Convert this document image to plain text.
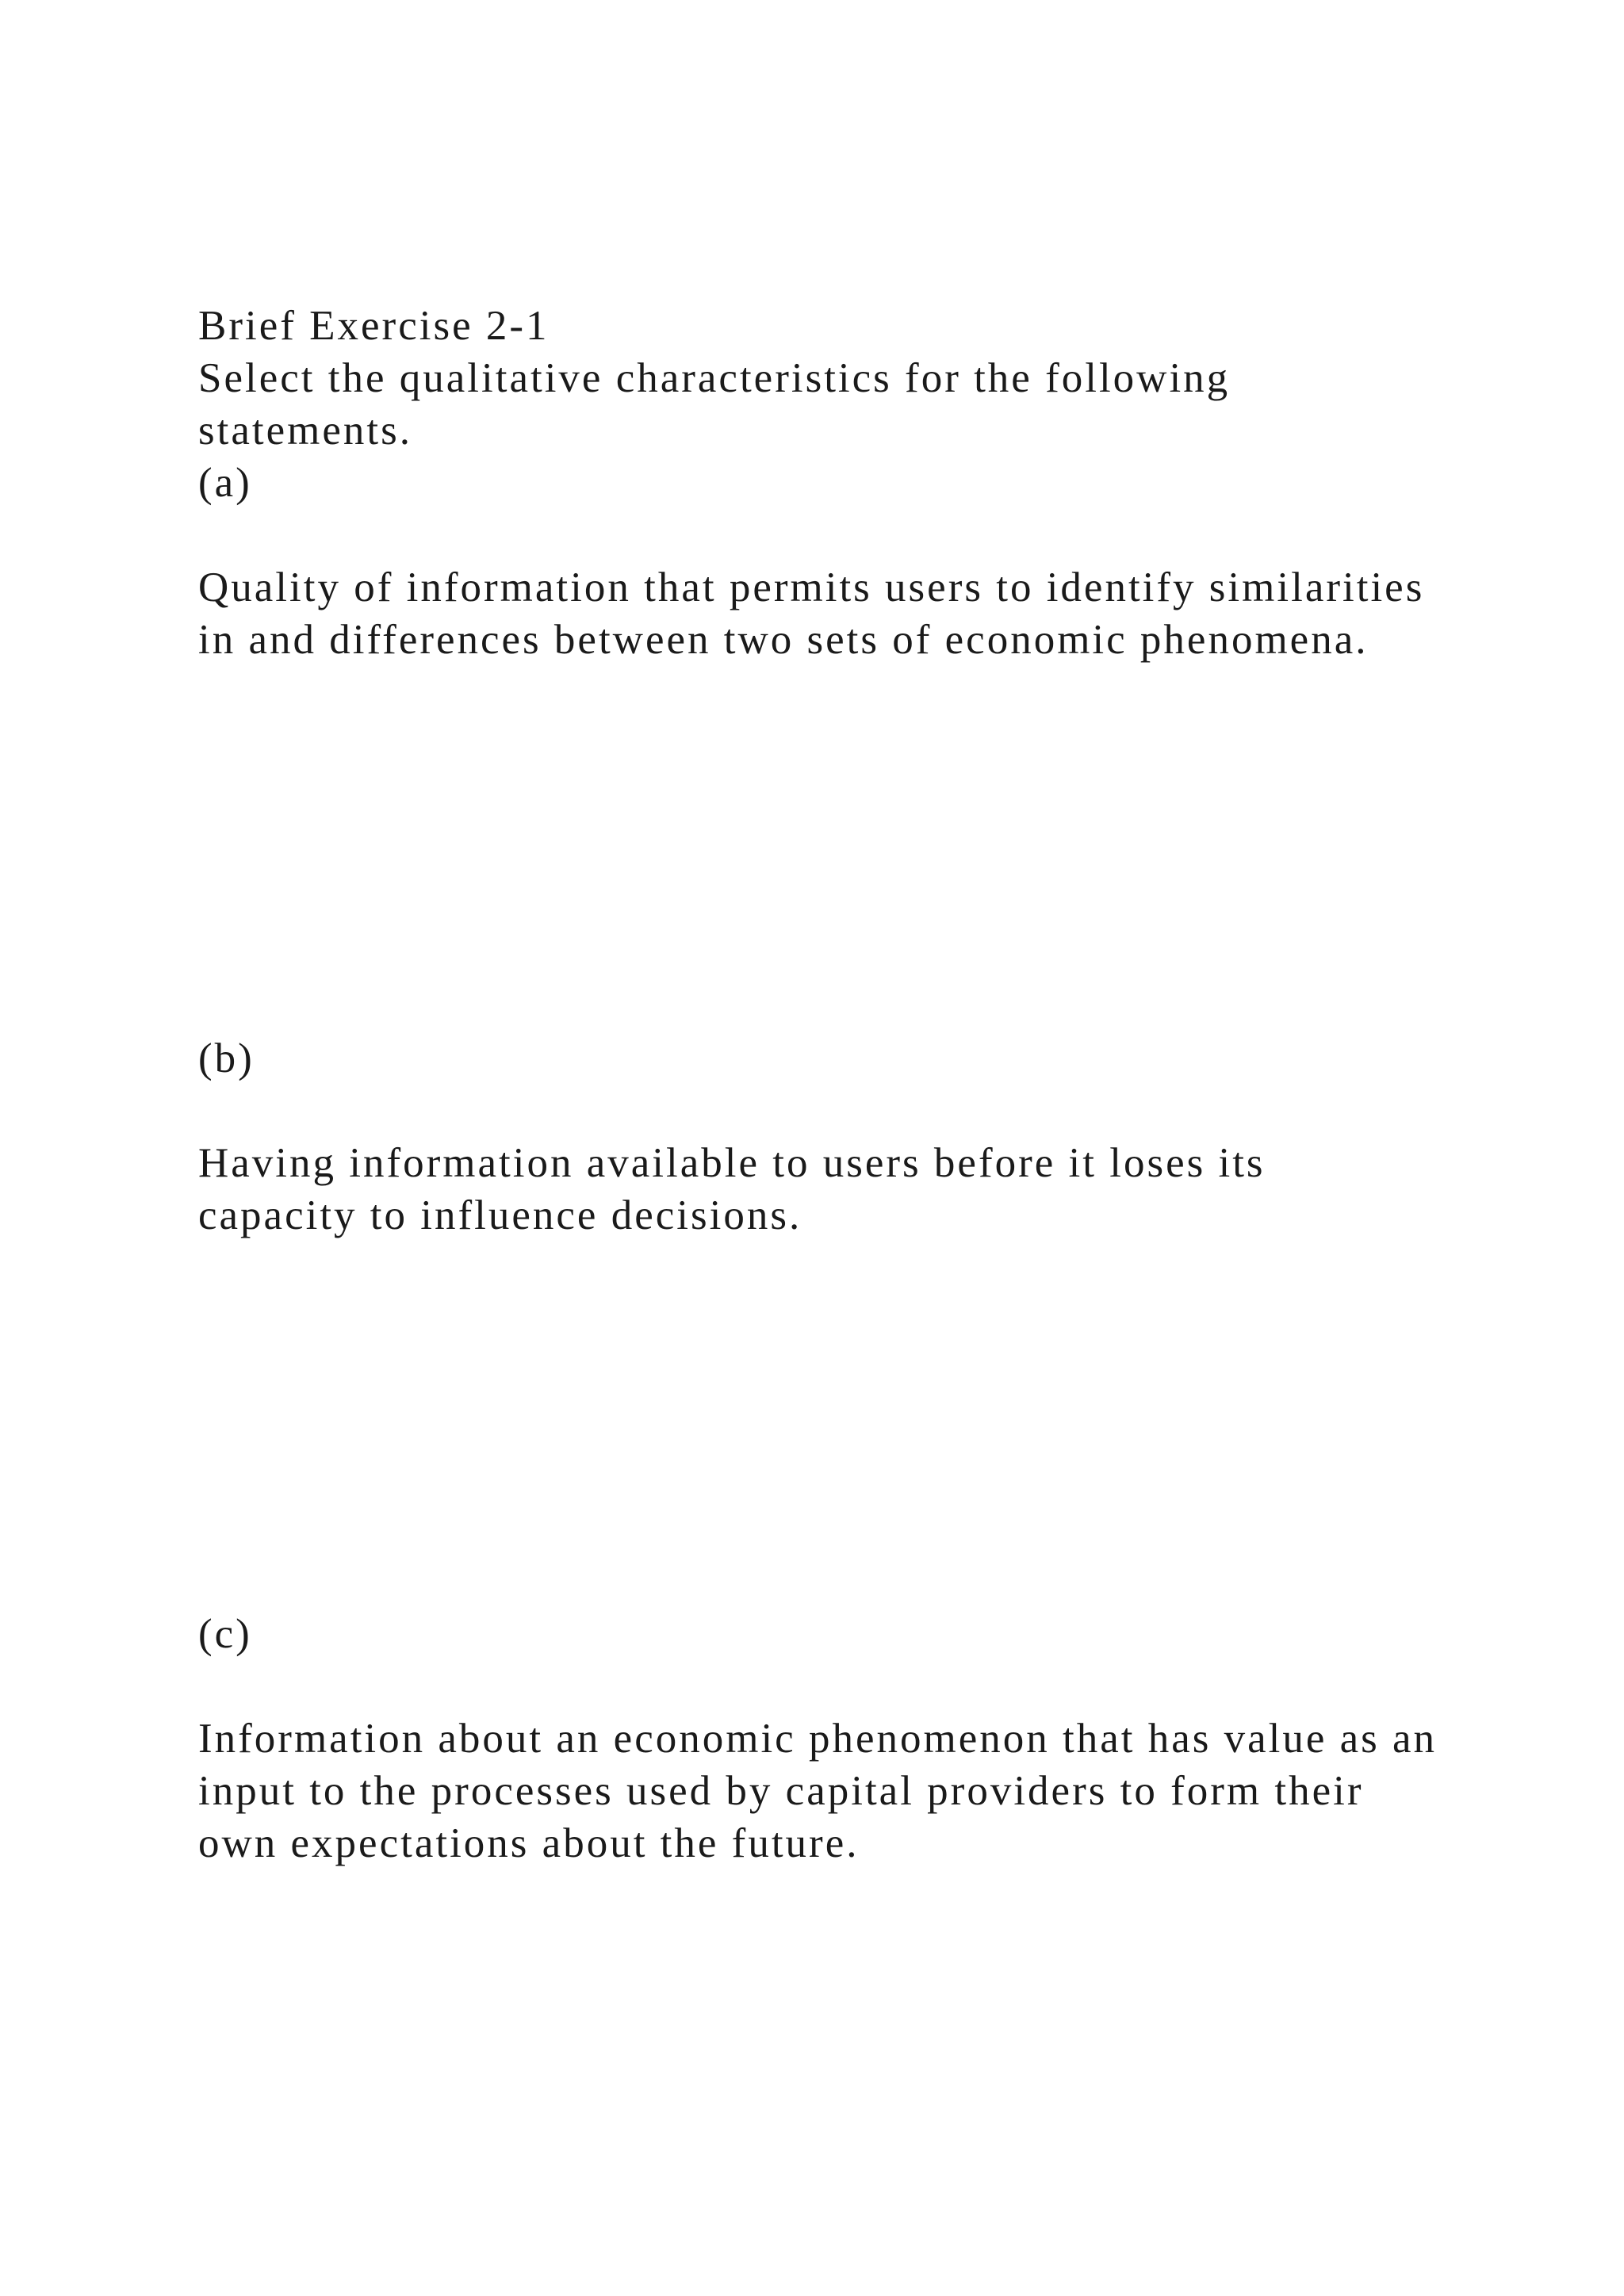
Brief Exercise 2-1
Select the qualitative characteristics for the following
statements.
(a)
Quality of information that permits users to identify similarities
in and differences between two sets of economic phenomena.
(b)
Having information available to users before it loses its
capacity to influence decisions.
(c)
Information about an economic phenomenon that has value as an
input to the processes used by capital providers to form their
own expectations about the future.
